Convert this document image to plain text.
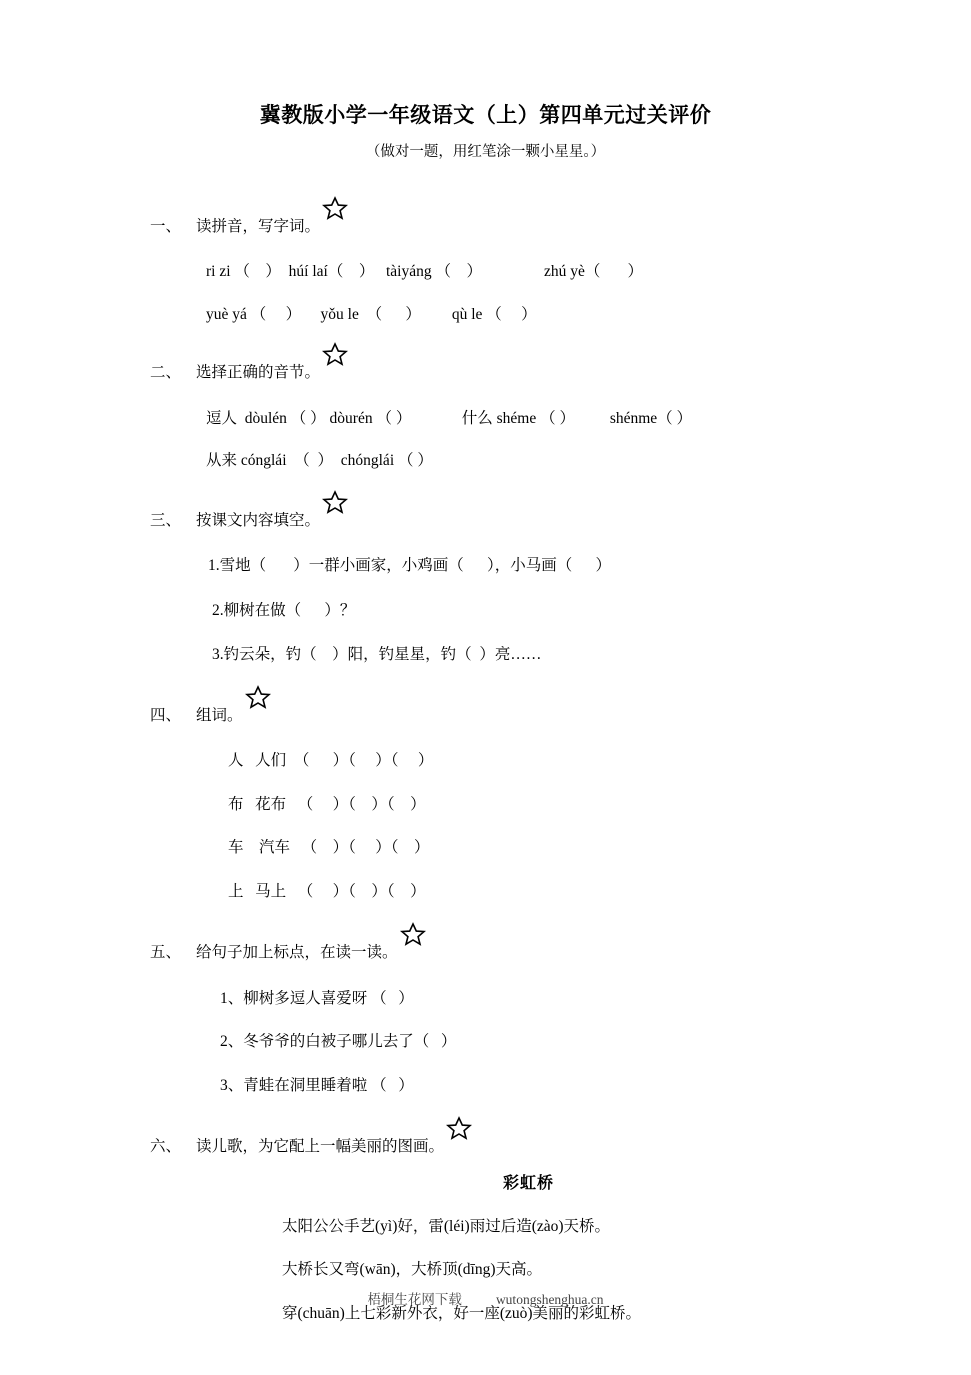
冀教版小学一年级语文（上）第四单元过关评价

（做对一题，用红笔涂一颗小星星。）

一、 读拼音，写字词。
ri zi （    ）  húí laí（    ）   tàiyáng （    ）                zhú yè（       ）
yuè yá （     ）     yǒu le  （      ）        qù le （     ）
二、 选择正确的音节。
逗人  dòulén （ ） dòurén （ ）             什么 shéme （ ）         shénme（ ）
从来 cónglái  （  ）  chónglái （ ）
三、 按课文内容填空。
1.雪地（       ）一群小画家，小鸡画（      ），小马画（      ）
2.柳树在做（      ）？
3.钓云朵，钓（    ）阳，钓星星，钓（  ）亮……
四、 组词。
人   人们  （      ）（     ）（     ）
布   花布   （     ）（    ）（    ）
车    汽车   （    ）（     ）（    ）
上   马上   （     ）（    ）（    ）
五、 给句子加上标点，在读一读。
1、柳树多逗人喜爱呀 （   ）
2、冬爷爷的白被子哪儿去了（   ）
3、青蛙在洞里睡着啦 （   ）
六、 读儿歌，为它配上一幅美丽的图画。
彩虹桥
太阳公公手艺(yì)好，雷(léi)雨过后造(zào)天桥。
大桥长又弯(wān)，大桥顶(dīng)天高。
穿(chuān)上七彩新外衣，好一座(zuò)美丽的彩虹桥。
梧桐生花网下载	wutongshenghua.cn
